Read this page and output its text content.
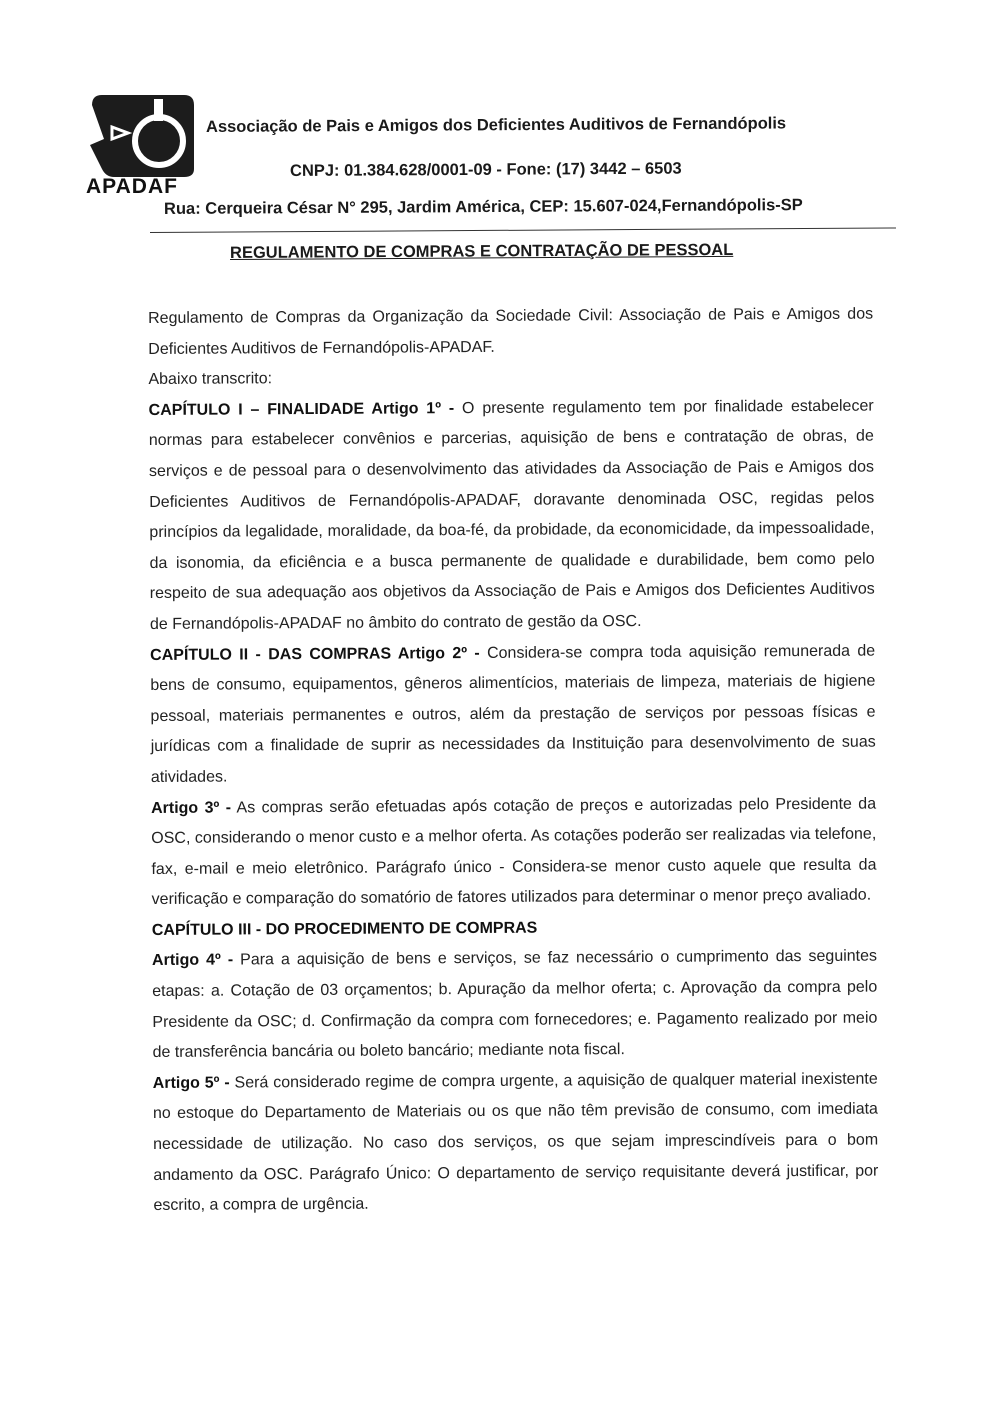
APADAF
Associação de Pais e Amigos dos Deficientes Auditivos de Fernandópolis
CNPJ: 01.384.628/0001-09 - Fone: (17) 3442 – 6503
Rua: Cerqueira César N° 295, Jardim América, CEP: 15.607-024,Fernandópolis-SP
REGULAMENTO DE COMPRAS E CONTRATAÇÃO DE PESSOAL

Regulamento de Compras da Organização da Sociedade Civil: Associação de Pais e Amigos dos Deficientes Auditivos de Fernandópolis-APADAF.

Abaixo transcrito:

CAPÍTULO I – FINALIDADE Artigo 1º - O presente regulamento tem por finalidade estabelecer normas para estabelecer convênios e parcerias, aquisição de bens e contratação de obras, de serviços e de pessoal para o desenvolvimento das atividades da Associação de Pais e Amigos dos Deficientes Auditivos de Fernandópolis-APADAF, doravante denominada OSC, regidas pelos princípios da legalidade, moralidade, da boa-fé, da probidade, da economicidade, da impessoalidade, da isonomia, da eficiência e a busca permanente de qualidade e durabilidade, bem como pelo respeito de sua adequação aos objetivos da Associação de Pais e Amigos dos Deficientes Auditivos de Fernandópolis-APADAF no âmbito do contrato de gestão da OSC.

CAPÍTULO II - DAS COMPRAS Artigo 2º - Considera-se compra toda aquisição remunerada de bens de consumo, equipamentos, gêneros alimentícios, materiais de limpeza, materiais de higiene pessoal, materiais permanentes e outros, além da prestação de serviços por pessoas físicas e jurídicas com a finalidade de suprir as necessidades da Instituição para desenvolvimento de suas atividades.

Artigo 3º - As compras serão efetuadas após cotação de preços e autorizadas pelo Presidente da OSC, considerando o menor custo e a melhor oferta. As cotações poderão ser realizadas via telefone, fax, e-mail e meio eletrônico. Parágrafo único - Considera-se menor custo aquele que resulta da verificação e comparação do somatório de fatores utilizados para determinar o menor preço avaliado.

CAPÍTULO III - DO PROCEDIMENTO DE COMPRAS

Artigo 4º - Para a aquisição de bens e serviços, se faz necessário o cumprimento das seguintes etapas: a. Cotação de 03 orçamentos; b. Apuração da melhor oferta; c. Aprovação da compra pelo Presidente da OSC; d. Confirmação da compra com fornecedores; e. Pagamento realizado por meio de transferência bancária ou boleto bancário; mediante nota fiscal.

Artigo 5º - Será considerado regime de compra urgente, a aquisição de qualquer material inexistente no estoque do Departamento de Materiais ou os que não têm previsão de consumo, com imediata necessidade de utilização. No caso dos serviços, os que sejam imprescindíveis para o bom andamento da OSC. Parágrafo Único: O departamento de serviço requisitante deverá justificar, por escrito, a compra de urgência.
